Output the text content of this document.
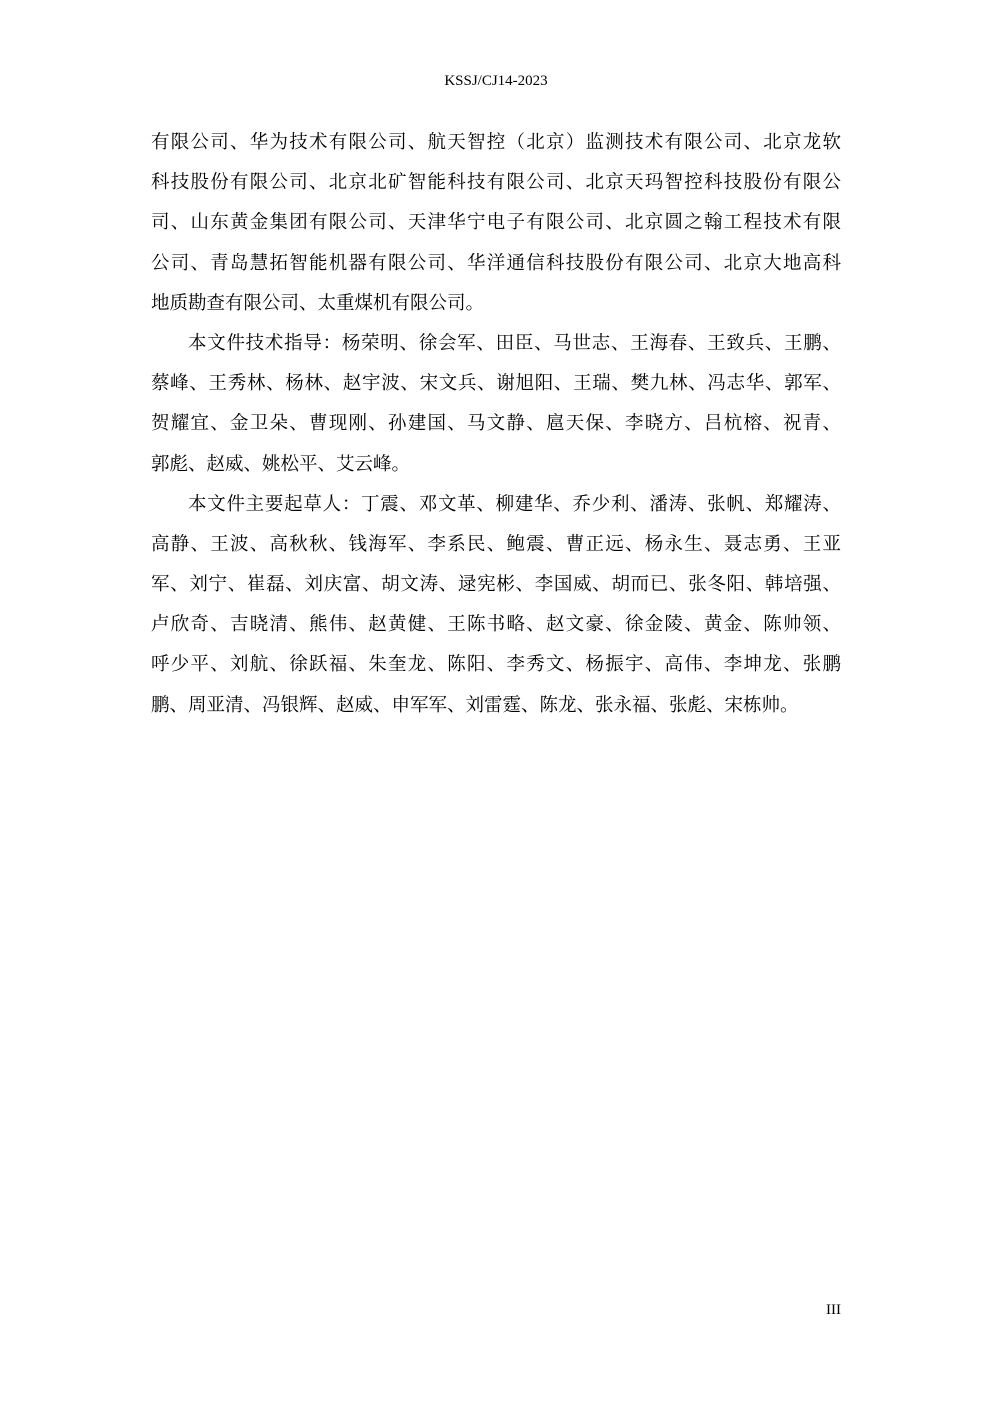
KSSJ/CJ14-2023
有限公司、华为技术有限公司、航天智控（北京）监测技术有限公司、北京龙软
科技股份有限公司、北京北矿智能科技有限公司、北京天玛智控科技股份有限公
司、山东黄金集团有限公司、天津华宁电子有限公司、北京圆之翰工程技术有限
公司、青岛慧拓智能机器有限公司、华洋通信科技股份有限公司、北京大地高科
地质勘查有限公司、太重煤机有限公司。
本文件技术指导：杨荣明、徐会军、田臣、马世志、王海春、王致兵、王鹏、
蔡峰、王秀林、杨林、赵宇波、宋文兵、谢旭阳、王瑞、樊九林、冯志华、郭军、
贺耀宜、金卫朵、曹现刚、孙建国、马文静、扈天保、李晓方、吕杭榕、祝青、
郭彪、赵威、姚松平、艾云峰。
本文件主要起草人：丁震、邓文革、柳建华、乔少利、潘涛、张帆、郑耀涛、
高静、王波、高秋秋、钱海军、李系民、鲍震、曹正远、杨永生、聂志勇、王亚
军、刘宁、崔磊、刘庆富、胡文涛、逯宪彬、李国威、胡而已、张冬阳、韩培强、
卢欣奇、吉晓清、熊伟、赵黄健、王陈书略、赵文豪、徐金陵、黄金、陈帅领、
呼少平、刘航、徐跃福、朱奎龙、陈阳、李秀文、杨振宇、高伟、李坤龙、张鹏
鹏、周亚清、冯银辉、赵威、申军军、刘雷霆、陈龙、张永福、张彪、宋栋帅。
III
